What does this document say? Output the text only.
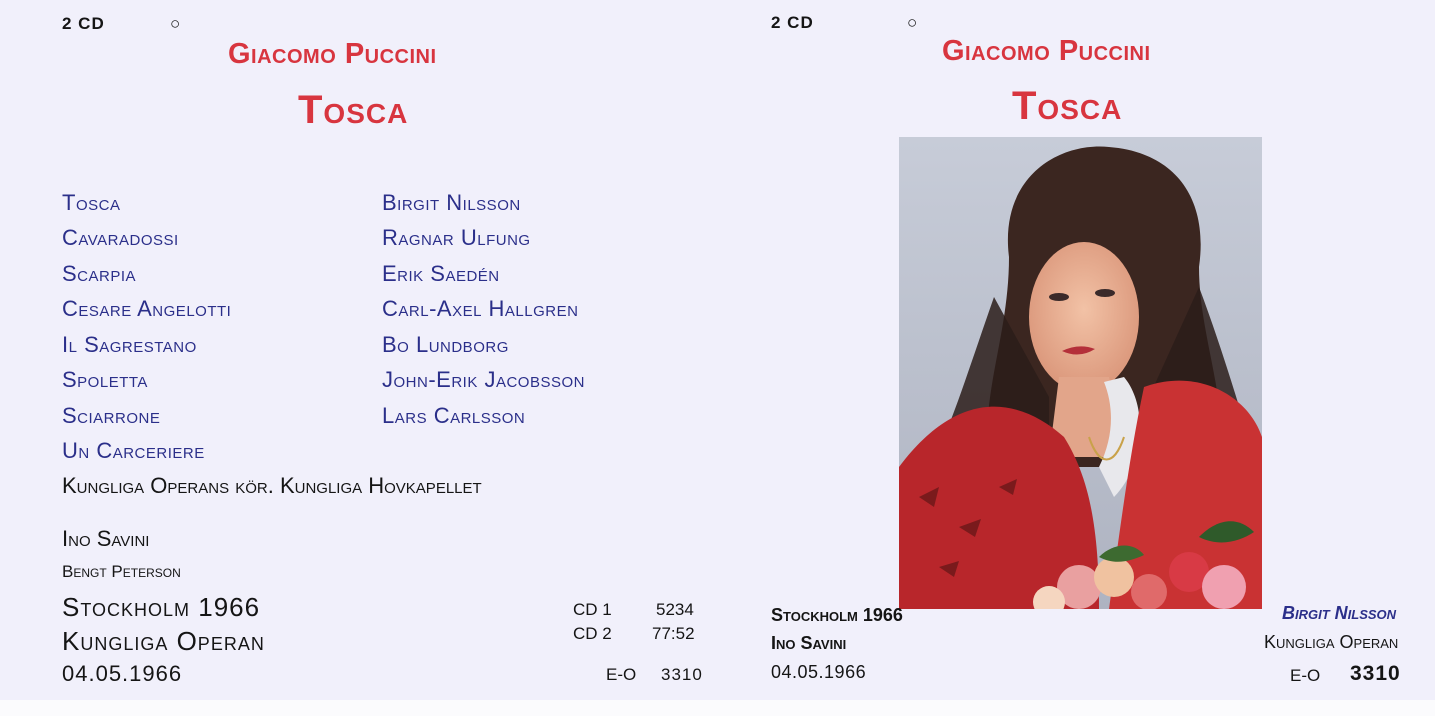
2 CD	○
Giacomo Puccini
Tosca
Tosca	Birgit Nilsson
Cavaradossi	Ragnar Ulfung
Scarpia	Erik Saedén
Cesare Angelotti	Carl-Axel Hallgren
Il Sagrestano	Bo Lundborg
Spoletta	John-Erik Jacobsson
Sciarrone	Lars Carlsson
Un Carceriere
Kungliga Operans kör. Kungliga Hovkapellet
Ino Savini
Bengt Peterson
Stockholm 1966
Kungliga Operan
04.05.1966
CD 1	5234
CD 2 77:52
E-O 3310
2 CD	○
Giacomo Puccini
Tosca
Stockholm 1966
Ino Savini
04.05.1966
Birgit Nilsson
Kungliga Operan
E-O 3310
